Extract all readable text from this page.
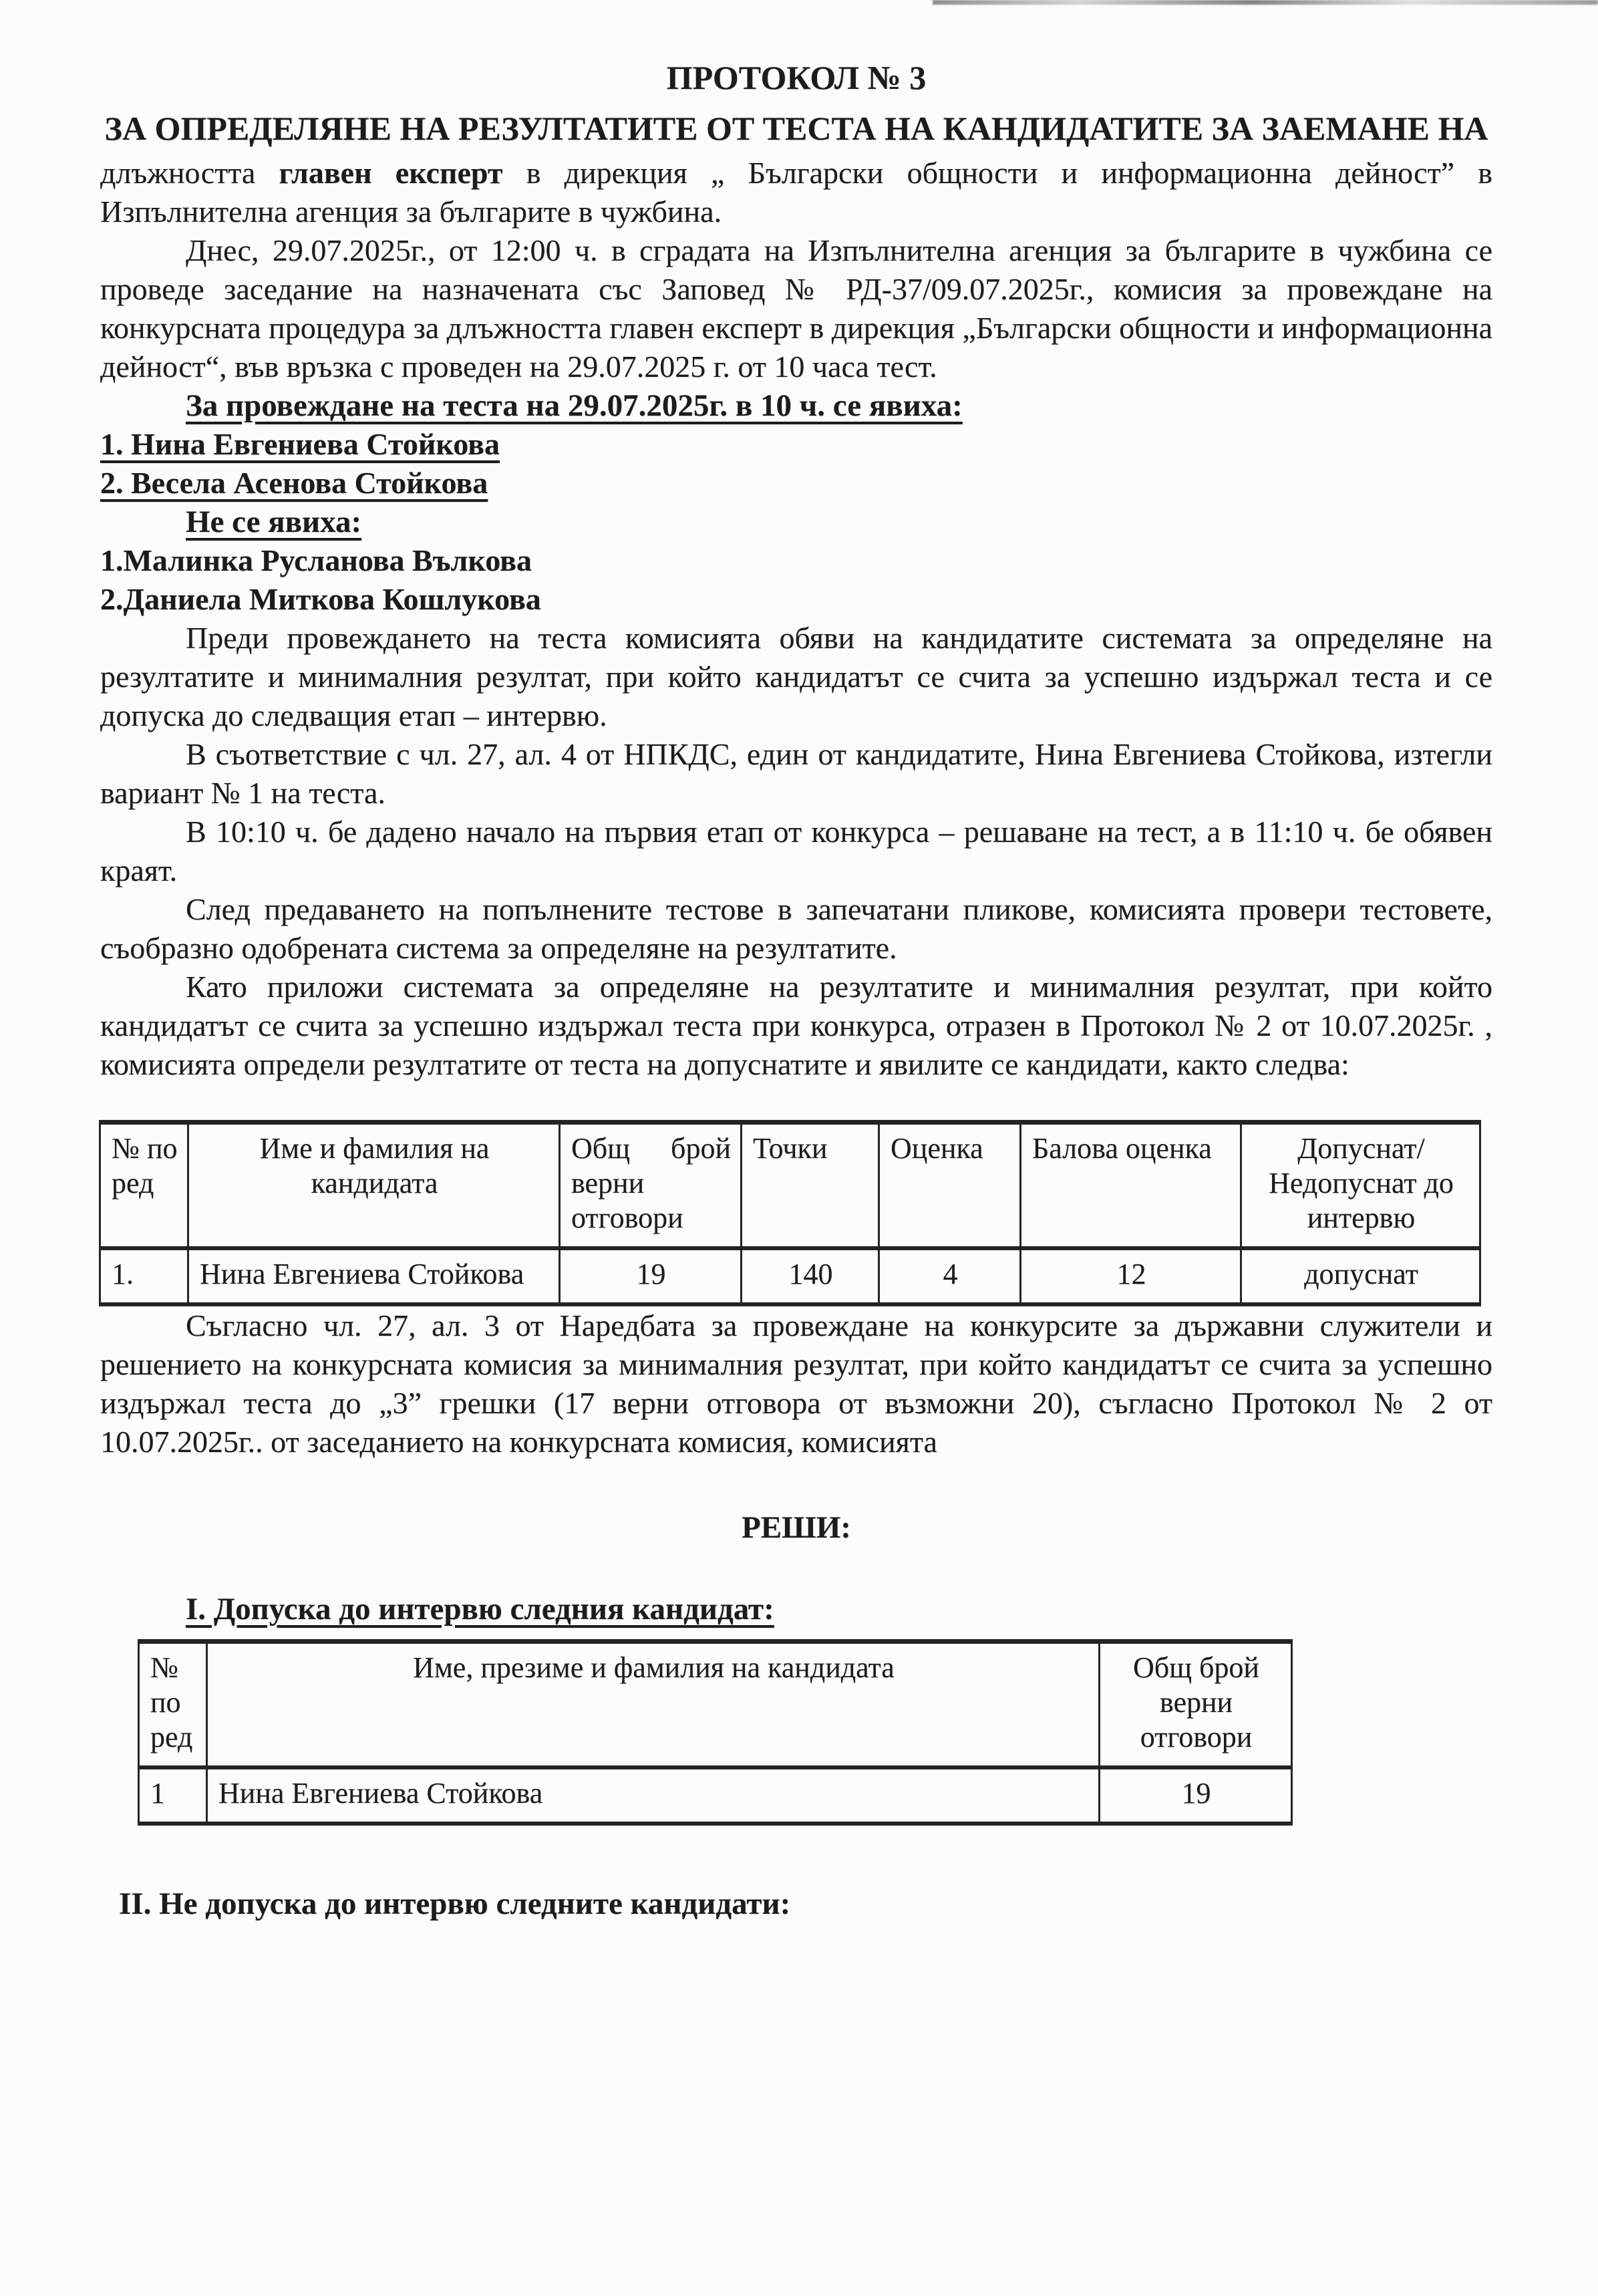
ПРОТОКОЛ № 3
ЗА ОПРЕДЕЛЯНЕ НА РЕЗУЛТАТИТЕ ОТ ТЕСТА НА КАНДИДАТИТЕ ЗА ЗАЕМАНЕ НА

длъжността главен експерт в дирекция „ Български общности и информационна дейност” в Изпълнителна агенция за българите в чужбина.

Днес, 29.07.2025г., от 12:00 ч. в сградата на Изпълнителна агенция за българите в чужбина се проведе заседание на назначената със Заповед № РД-37/09.07.2025г., комисия за провеждане на конкурсната процедура за длъжността главен експерт в дирекция „Български общности и информационна дейност“, във връзка с проведен на 29.07.2025 г. от 10 часа тест.

За провеждане на теста на 29.07.2025г. в 10 ч. се явиха:

1. Нина Евгениева Стойкова

2. Весела Асенова Стойкова

Не се явиха:

1.Малинка Русланова Вълкова

2.Даниела Миткова Кошлукова

Преди провеждането на теста комисията обяви на кандидатите системата за определяне на резултатите и минималния резултат, при който кандидатът се счита за успешно издържал теста и се допуска до следващия етап – интервю.

В съответствие с чл. 27, ал. 4 от НПКДС, един от кандидатите, Нина Евгениева Стойкова, изтегли вариант № 1 на теста.

В 10:10 ч. бе дадено начало на първия етап от конкурса – решаване на тест, а в 11:10 ч. бе обявен краят.

След предаването на попълнените тестове в запечатани пликове, комисията провери тестовете, съобразно одобрената система за определяне на резултатите.

Като приложи системата за определяне на резултатите и минималния резултат, при който кандидатът се счита за успешно издържал теста при конкурса, отразен в Протокол № 2 от 10.07.2025г. , комисията определи резултатите от теста на допуснатите и явилите се кандидати, както следва:

№ по ред	Име и фамилия на кандидата	Общ брой верни отговори	Точки	Оценка	Балова оценка	Допуснат/ Недопуснат до интервю
1.	Нина Евгениева Стойкова	19	140	4	12	допуснат

Съгласно чл. 27, ал. 3 от Наредбата за провеждане на конкурсите за държавни служители и решението на конкурсната комисия за минималния резултат, при който кандидатът се счита за успешно издържал теста до „3” грешки (17 верни отговора от възможни 20), съгласно Протокол № 2 от 10.07.2025г.. от заседанието на конкурсната комисия, комисията

РЕШИ:

I. Допуска до интервю следния кандидат:

№ по ред	Име, презиме и фамилия на кандидата	Общ брой верни отговори
1	Нина Евгениева Стойкова	19

II. Не допуска до интервю следните кандидати:
